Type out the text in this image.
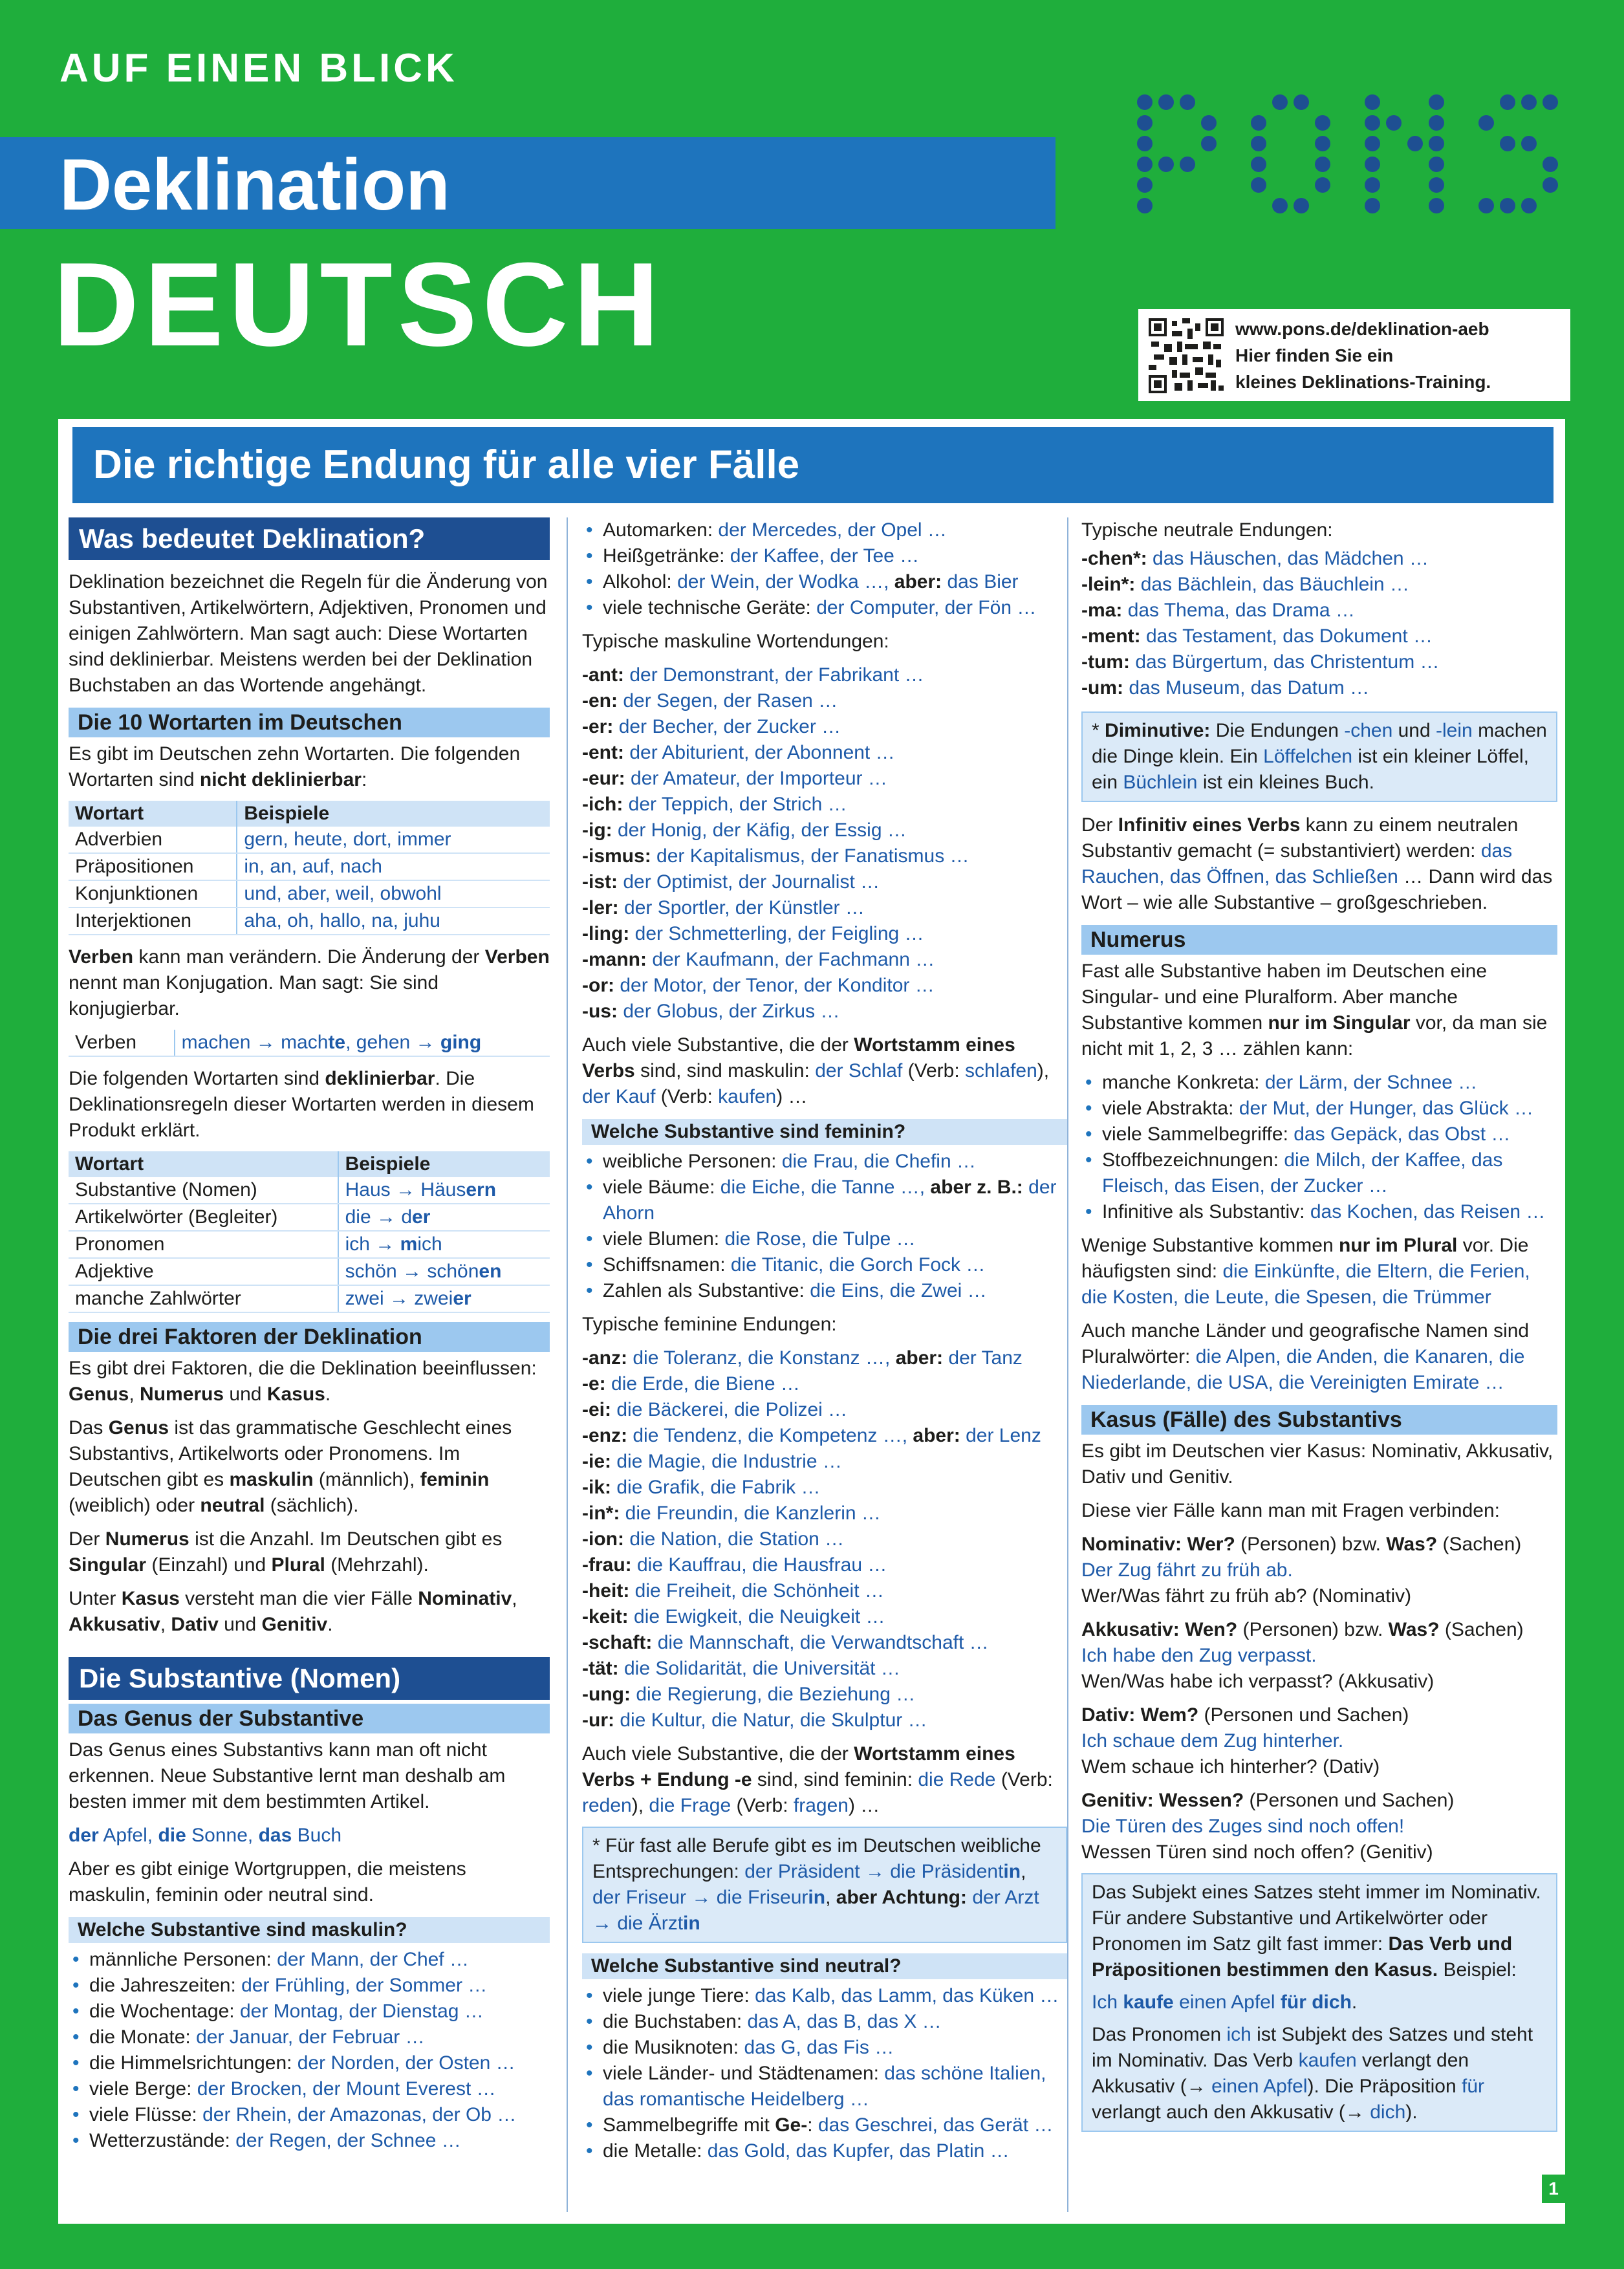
AUF EINEN BLICK
Deklination
DEUTSCH	www.pons.de/deklination-aeb
Hier finden Sie ein
kleines Deklinations-Training.
Die richtige Endung für alle vier Fälle
Was bedeutet Deklination?

Deklination bezeichnet die Regeln für die Änderung von Substantiven, Artikelwörtern, Adjektiven, Pronomen und einigen Zahlwörtern. Man sagt auch: Diese Wortarten sind deklinierbar. Meistens werden bei der Deklination Buchstaben an das Wortende angehängt.

Die 10 Wortarten im Deutschen

Es gibt im Deutschen zehn Wortarten. Die folgenden Wortarten sind nicht deklinierbar:

Wortart	Beispiele
Adverbien	gern, heute, dort, immer
Präpositionen	in, an, auf, nach
Konjunktionen	und, aber, weil, obwohl
Interjektionen	aha, oh, hallo, na, juhu

Verben kann man verändern. Die Änderung der Verben nennt man Konjugation. Man sagt: Sie sind konjugierbar.

Verben	machen → machte, gehen → ging

Die folgenden Wortarten sind deklinierbar. Die Deklinationsregeln dieser Wortarten werden in diesem Produkt erklärt.

Wortart	Beispiele
Substantive (Nomen)	Haus → Häusern
Artikelwörter (Begleiter)	die → der
Pronomen	ich → mich
Adjektive	schön → schönen
manche Zahlwörter	zwei → zweier
Die drei Faktoren der Deklination

Es gibt drei Faktoren, die die Deklination beeinflussen: Genus, Numerus und Kasus.

Das Genus ist das grammatische Geschlecht eines Substantivs, Artikelworts oder Pronomens. Im Deutschen gibt es maskulin (männlich), feminin (weiblich) oder neutral (sächlich).

Der Numerus ist die Anzahl. Im Deutschen gibt es Singular (Einzahl) und Plural (Mehrzahl).

Unter Kasus versteht man die vier Fälle Nominativ, Akkusativ, Dativ und Genitiv.

Die Substantive (Nomen)
Das Genus der Substantive

Das Genus eines Substantivs kann man oft nicht erkennen. Neue Substantive lernt man deshalb am besten immer mit dem bestimmten Artikel.

der Apfel, die Sonne, das Buch

Aber es gibt einige Wortgruppen, die meistens maskulin, feminin oder neutral sind.

Welche Substantive sind maskulin?
• männliche Personen: der Mann, der Chef …
• die Jahreszeiten: der Frühling, der Sommer …
• die Wochentage: der Montag, der Dienstag …
• die Monate: der Januar, der Februar …
• die Himmelsrichtungen: der Norden, der Osten …
• viele Berge: der Brocken, der Mount Everest …
• viele Flüsse: der Rhein, der Amazonas, der Ob …
• Wetterzustände: der Regen, der Schnee …
• Automarken: der Mercedes, der Opel …
• Heißgetränke: der Kaffee, der Tee …
• Alkohol: der Wein, der Wodka …, aber: das Bier
• viele technische Geräte: der Computer, der Fön …

Typische maskuline Wortendungen:

-ant: der Demonstrant, der Fabrikant …
-en: der Segen, der Rasen …
-er: der Becher, der Zucker …
-ent: der Abiturient, der Abonnent …
-eur: der Amateur, der Importeur …
-ich: der Teppich, der Strich …
-ig: der Honig, der Käfig, der Essig …
-ismus: der Kapitalismus, der Fanatismus …
-ist: der Optimist, der Journalist …
-ler: der Sportler, der Künstler …
-ling: der Schmetterling, der Feigling …
-mann: der Kaufmann, der Fachmann …
-or: der Motor, der Tenor, der Konditor …
-us: der Globus, der Zirkus …

Auch viele Substantive, die der Wortstamm eines Verbs sind, sind maskulin: der Schlaf (Verb: schlafen), der Kauf (Verb: kaufen) …

Welche Substantive sind feminin?
• weibliche Personen: die Frau, die Chefin …
• viele Bäume: die Eiche, die Tanne …, aber z. B.: der Ahorn
• viele Blumen: die Rose, die Tulpe …
• Schiffsnamen: die Titanic, die Gorch Fock …
• Zahlen als Substantive: die Eins, die Zwei …

Typische feminine Endungen:

-anz: die Toleranz, die Konstanz …, aber: der Tanz
-e: die Erde, die Biene …
-ei: die Bäckerei, die Polizei …
-enz: die Tendenz, die Kompetenz …, aber: der Lenz
-ie: die Magie, die Industrie …
-ik: die Grafik, die Fabrik …
-in*: die Freundin, die Kanzlerin …
-ion: die Nation, die Station …
-frau: die Kauffrau, die Hausfrau …
-heit: die Freiheit, die Schönheit …
-keit: die Ewigkeit, die Neuigkeit …
-schaft: die Mannschaft, die Verwandtschaft …
-tät: die Solidarität, die Universität …
-ung: die Regierung, die Beziehung …
-ur: die Kultur, die Natur, die Skulptur …

Auch viele Substantive, die der Wortstamm eines Verbs + Endung -e sind, sind feminin: die Rede (Verb: reden), die Frage (Verb: fragen) …

* Für fast alle Berufe gibt es im Deutschen weibliche Entsprechungen: der Präsident → die Präsidentin, der Friseur → die Friseurin, aber Achtung: der Arzt → die Ärztin
Welche Substantive sind neutral?
• viele junge Tiere: das Kalb, das Lamm, das Küken …
• die Buchstaben: das A, das B, das X …
• die Musiknoten: das G, das Fis …
• viele Länder- und Städtenamen: das schöne Italien, das romantische Heidelberg …
• Sammelbegriffe mit Ge-: das Geschrei, das Gerät …
• die Metalle: das Gold, das Kupfer, das Platin …

Typische neutrale Endungen:

-chen*: das Häuschen, das Mädchen …
-lein*: das Bächlein, das Bäuchlein …
-ma: das Thema, das Drama …
-ment: das Testament, das Dokument …
-tum: das Bürgertum, das Christentum …
-um: das Museum, das Datum …
* Diminutive: Die Endungen -chen und -lein machen die Dinge klein. Ein Löffelchen ist ein kleiner Löffel, ein Büchlein ist ein kleines Buch.

Der Infinitiv eines Verbs kann zu einem neutralen Substantiv gemacht (= substantiviert) werden: das Rauchen, das Öffnen, das Schließen … Dann wird das Wort – wie alle Substantive – großgeschrieben.

Numerus

Fast alle Substantive haben im Deutschen eine Singular- und eine Pluralform. Aber manche Substantive kommen nur im Singular vor, da man sie nicht mit 1, 2, 3 … zählen kann:

• manche Konkreta: der Lärm, der Schnee …
• viele Abstrakta: der Mut, der Hunger, das Glück …
• viele Sammelbegriffe: das Gepäck, das Obst …
• Stoffbezeichnungen: die Milch, der Kaffee, das Fleisch, das Eisen, der Zucker …
• Infinitive als Substantiv: das Kochen, das Reisen …

Wenige Substantive kommen nur im Plural vor. Die häufigsten sind: die Einkünfte, die Eltern, die Ferien, die Kosten, die Leute, die Spesen, die Trümmer

Auch manche Länder und geografische Namen sind Pluralwörter: die Alpen, die Anden, die Kanaren, die Niederlande, die USA, die Vereinigten Emirate …

Kasus (Fälle) des Substantivs

Es gibt im Deutschen vier Kasus: Nominativ, Akkusativ, Dativ und Genitiv.

Diese vier Fälle kann man mit Fragen verbinden:

Nominativ: Wer? (Personen) bzw. Was? (Sachen)
Der Zug fährt zu früh ab.
Wer/Was fährt zu früh ab? (Nominativ)
Akkusativ: Wen? (Personen) bzw. Was? (Sachen)
Ich habe den Zug verpasst.
Wen/Was habe ich verpasst? (Akkusativ)
Dativ: Wem? (Personen und Sachen)
Ich schaue dem Zug hinterher.
Wem schaue ich hinterher? (Dativ)
Genitiv: Wessen? (Personen und Sachen)
Die Türen des Zuges sind noch offen!
Wessen Türen sind noch offen? (Genitiv)
Das Subjekt eines Satzes steht immer im Nominativ. Für andere Substantive und Artikelwörter oder Pronomen im Satz gilt fast immer: Das Verb und Präpositionen bestimmen den Kasus. Beispiel:
Ich kaufe einen Apfel für dich.
Das Pronomen ich ist Subjekt des Satzes und steht im Nominativ. Das Verb kaufen verlangt den Akkusativ (→ einen Apfel). Die Präposition für verlangt auch den Akkusativ (→ dich).
1
